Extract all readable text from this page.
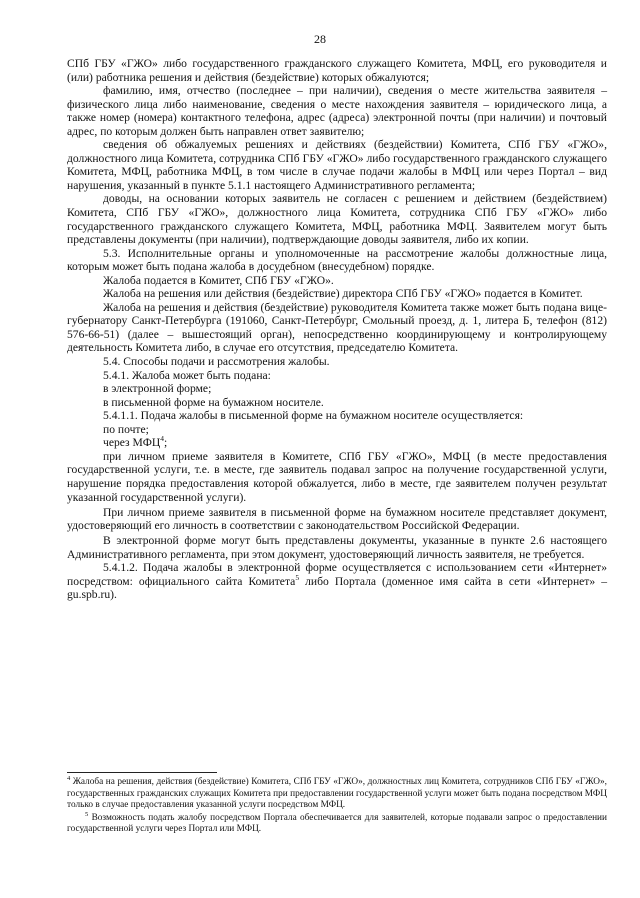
28

СПб ГБУ «ГЖО» либо государственного гражданского служащего Комитета, МФЦ, его руководителя и (или) работника решения и действия (бездействие) которых обжалуются;

фамилию, имя, отчество (последнее – при наличии), сведения о месте жительства заявителя – физического лица либо наименование, сведения о месте нахождения заявителя – юридического лица, а также номер (номера) контактного телефона, адрес (адреса) электронной почты (при наличии) и почтовый адрес, по которым должен быть направлен ответ заявителю;

сведения об обжалуемых решениях и действиях (бездействии) Комитета, СПб ГБУ «ГЖО», должностного лица Комитета, сотрудника СПб ГБУ «ГЖО» либо государственного гражданского служащего Комитета, МФЦ, работника МФЦ, в том числе в случае подачи жалобы в МФЦ или через Портал – вид нарушения, указанный в пункте 5.1.1 настоящего Административного регламента;

доводы, на основании которых заявитель не согласен с решением и действием (бездействием) Комитета, СПб ГБУ «ГЖО», должностного лица Комитета, сотрудника СПб ГБУ «ГЖО» либо государственного гражданского служащего Комитета, МФЦ, работника МФЦ. Заявителем могут быть представлены документы (при наличии), подтверждающие доводы заявителя, либо их копии.

5.3. Исполнительные органы и уполномоченные на рассмотрение жалобы должностные лица, которым может быть подана жалоба в досудебном (внесудебном) порядке.

Жалоба подается в Комитет, СПб ГБУ «ГЖО».

Жалоба на решения или действия (бездействие) директора СПб ГБУ «ГЖО» подается в Комитет.

Жалоба на решения и действия (бездействие) руководителя Комитета также может быть подана вице-губернатору Санкт-Петербурга (191060, Санкт-Петербург, Смольный проезд, д. 1, литера Б, телефон (812) 576-66-51) (далее – вышестоящий орган), непосредственно координирующему и контролирующему деятельность Комитета либо, в случае его отсутствия, председателю Комитета.

5.4. Способы подачи и рассмотрения жалобы.

5.4.1. Жалоба может быть подана:

в электронной форме;

в письменной форме на бумажном носителе.

5.4.1.1. Подача жалобы в письменной форме на бумажном носителе осуществляется:

по почте;

через МФЦ$^4$;

при личном приеме заявителя в Комитете, СПб ГБУ «ГЖО», МФЦ (в месте предоставления государственной услуги, т.е. в месте, где заявитель подавал запрос на получение государственной услуги, нарушение порядка предоставления которой обжалуется, либо в месте, где заявителем получен результат указанной государственной услуги).

При личном приеме заявителя в письменной форме на бумажном носителе представляет документ, удостоверяющий его личность в соответствии с законодательством Российской Федерации.

В электронной форме могут быть представлены документы, указанные в пункте 2.6 настоящего Административного регламента, при этом документ, удостоверяющий личность заявителя, не требуется.

5.4.1.2. Подача жалобы в электронной форме осуществляется с использованием сети «Интернет» посредством: официального сайта Комитета$^5$ либо Портала (доменное имя сайта в сети «Интернет» – gu.spb.ru).

$^4$ Жалоба на решения, действия (бездействие) Комитета, СПб ГБУ «ГЖО», должностных лиц Комитета, сотрудников СПб ГБУ «ГЖО», государственных гражданских служащих Комитета при предоставлении государственной услуги может быть подана посредством МФЦ только в случае предоставления указанной услуги посредством МФЦ.

$^5$ Возможность подать жалобу посредством Портала обеспечивается для заявителей, которые подавали запрос о предоставлении государственной услуги через Портал или МФЦ.
